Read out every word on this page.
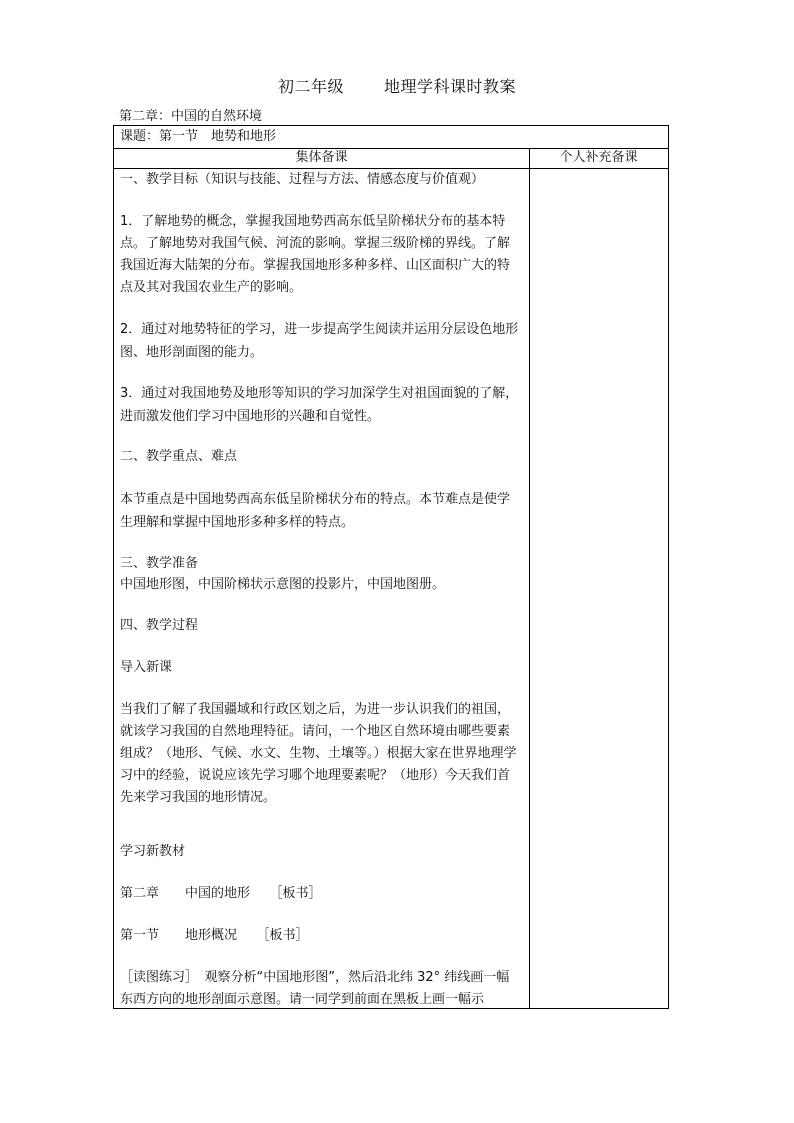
初二年级	地理学科课时教案
第二章：中国的自然环境
课题：第一节　地势和地形
集体备课	个人补充备课

一、教学目标（知识与技能、过程与方法、情感态度与价值观）

1．了解地势的概念，掌握我国地势西高东低呈阶梯状分布的基本特点。了解地势对我国气候、河流的影响。掌握三级阶梯的界线。了解我国近海大陆架的分布。掌握我国地形多种多样、山区面积广大的特点及其对我国农业生产的影响。

2．通过对地势特征的学习，进一步提高学生阅读并运用分层设色地形图、地形剖面图的能力。

3．通过对我国地势及地形等知识的学习加深学生对祖国面貌的了解，进而激发他们学习中国地形的兴趣和自觉性。

二、教学重点、难点

本节重点是中国地势西高东低呈阶梯状分布的特点。本节难点是使学生理解和掌握中国地形多种多样的特点。

三、教学准备

中国地形图，中国阶梯状示意图的投影片，中国地图册。

四、教学过程

导入新课

当我们了解了我国疆域和行政区划之后，为进一步认识我们的祖国，就该学习我国的自然地理特征。请问，一个地区自然环境由哪些要素组成？（地形、气候、水文、生物、土壤等。）根据大家在世界地理学习中的经验，说说应该先学习哪个地理要素呢？（地形）今天我们首先来学习我国的地形情况。

学习新教材

第二章　　中国的地形　　［板书］

第一节　　地形概况　　［板书］

［读图练习］　观察分析“中国地形图”，然后沿北纬 32° 纬线画一幅东西方向的地形剖面示意图。请一同学到前面在黑板上画一幅示
